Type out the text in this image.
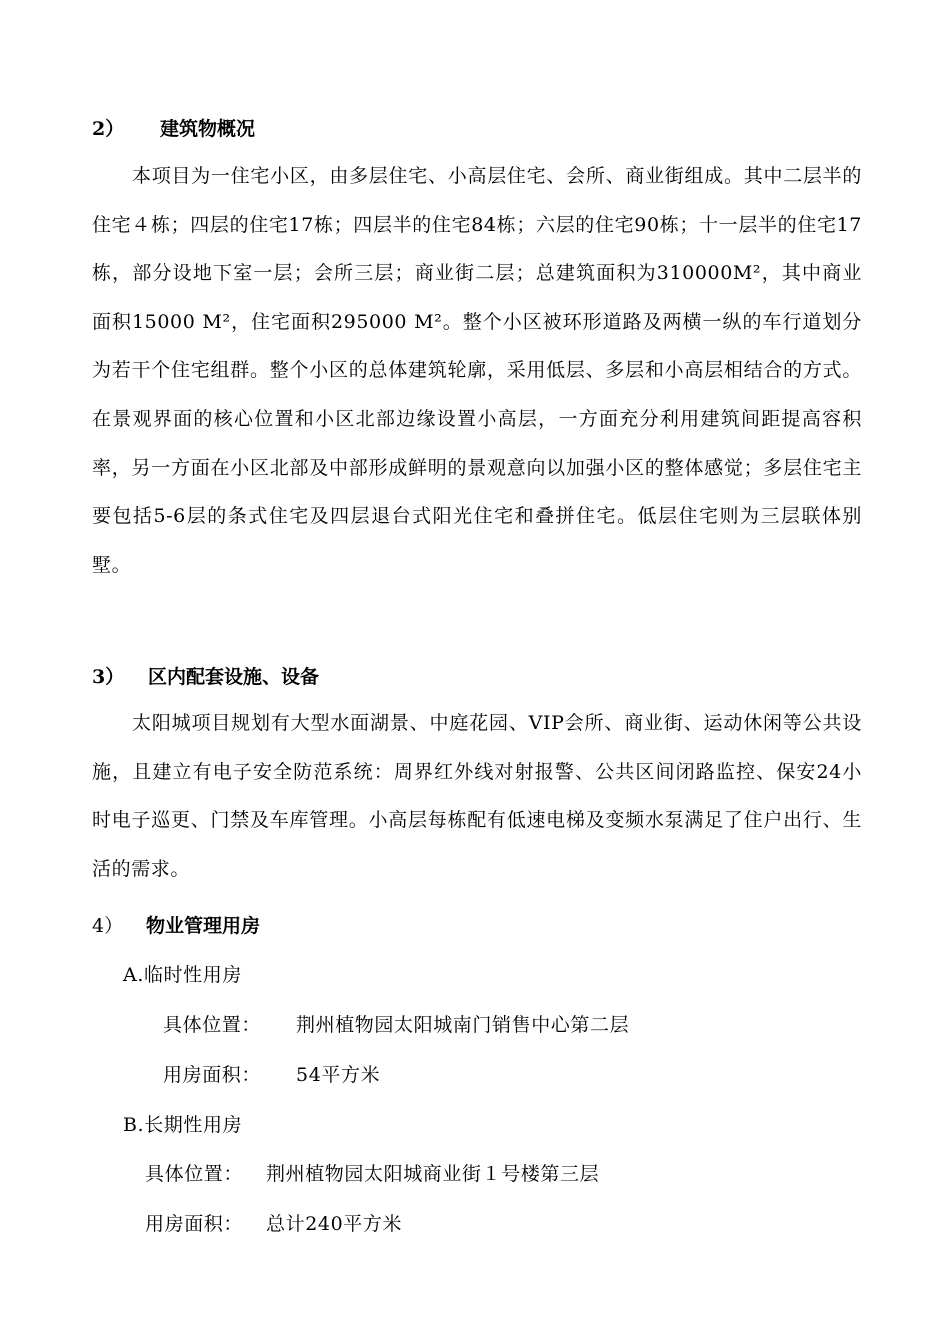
2） 建筑物概况
本项目为一住宅小区，由多层住宅、小高层住宅、会所、商业街组成。其中二层半的住宅４栋；四层的住宅17栋；四层半的住宅84栋；六层的住宅90栋；十一层半的住宅17栋，部分设地下室一层；会所三层；商业街二层；总建筑面积为310000M²，其中商业面积15000 M²，住宅面积295000 M²。整个小区被环形道路及两横一纵的车行道划分为若干个住宅组群。整个小区的总体建筑轮廓，采用低层、多层和小高层相结合的方式。在景观界面的核心位置和小区北部边缘设置小高层，一方面充分利用建筑间距提高容积率，另一方面在小区北部及中部形成鲜明的景观意向以加强小区的整体感觉；多层住宅主要包括5-6层的条式住宅及四层退台式阳光住宅和叠拼住宅。低层住宅则为三层联体别墅。
3） 区内配套设施、设备
太阳城项目规划有大型水面湖景、中庭花园、VIP会所、商业街、运动休闲等公共设施，且建立有电子安全防范系统：周界红外线对射报警、公共区间闭路监控、保安24小时电子巡更、门禁及车库管理。小高层每栋配有低速电梯及变频水泵满足了住户出行、生活的需求。
4） 物业管理用房
A.临时性用房
具体位置： 荆州植物园太阳城南门销售中心第二层
用房面积： 54平方米
B.长期性用房
具体位置： 荆州植物园太阳城商业街１号楼第三层
用房面积： 总计240平方米
